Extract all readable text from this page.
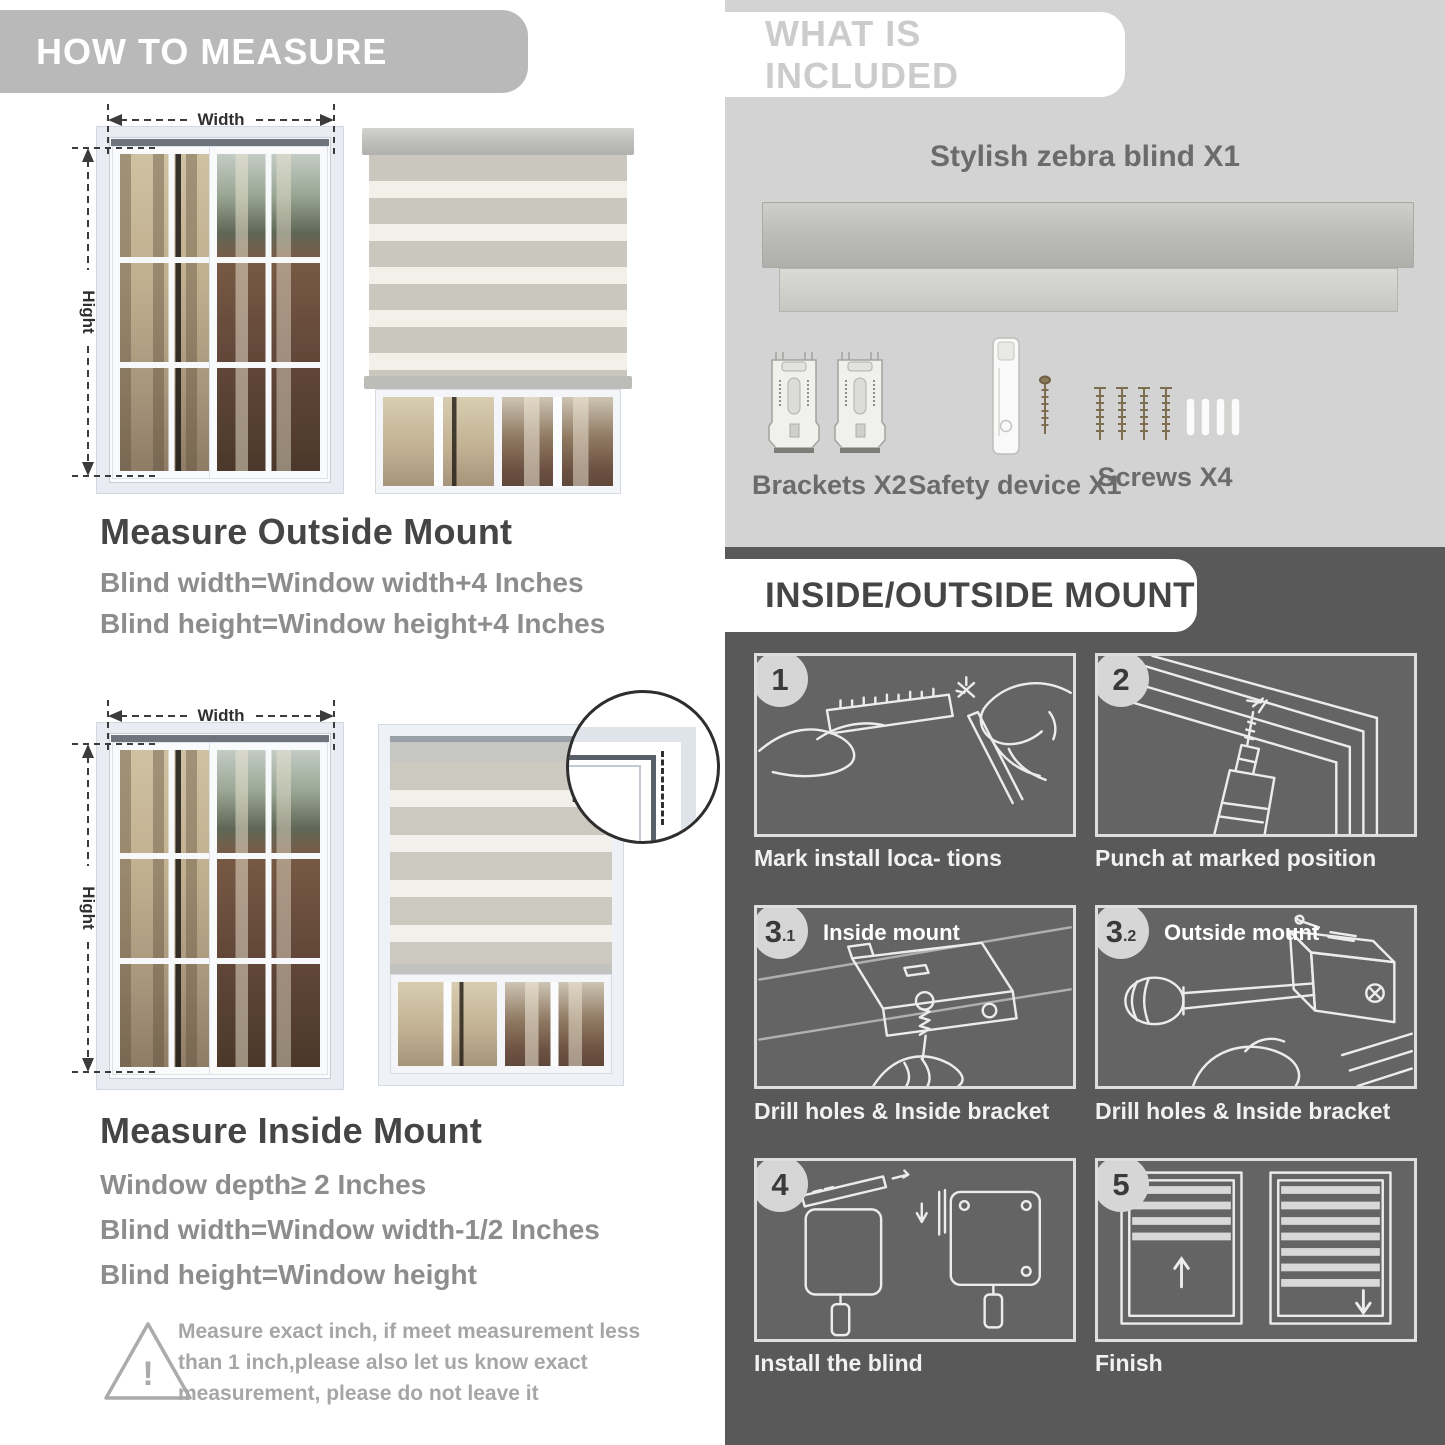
HOW TO MEASURE
Width
Hight
Measure Outside Mount
Blind width=Window width+4 Inches
Blind height=Window height+4 Inches
Width
Hight
Measure Inside Mount
Window depth≥ 2 Inches
Blind width=Window width-1/2 Inches
Blind height=Window height
!
Measure exact inch, if meet measurement less than 1 inch,please also let us know exact measurement, please do not leave it
WHAT IS INCLUDED
Stylish zebra blind X1
Brackets X2 Safety device X1
Screws X4
INSIDE/OUTSIDE MOUNT
1
Mark install loca- tions
2
Punch at marked position
3 .1 Inside mount
Drill holes & Inside bracket
3 .2 Outside mount
Drill holes & Inside bracket
4
Install the blind
5
Finish
